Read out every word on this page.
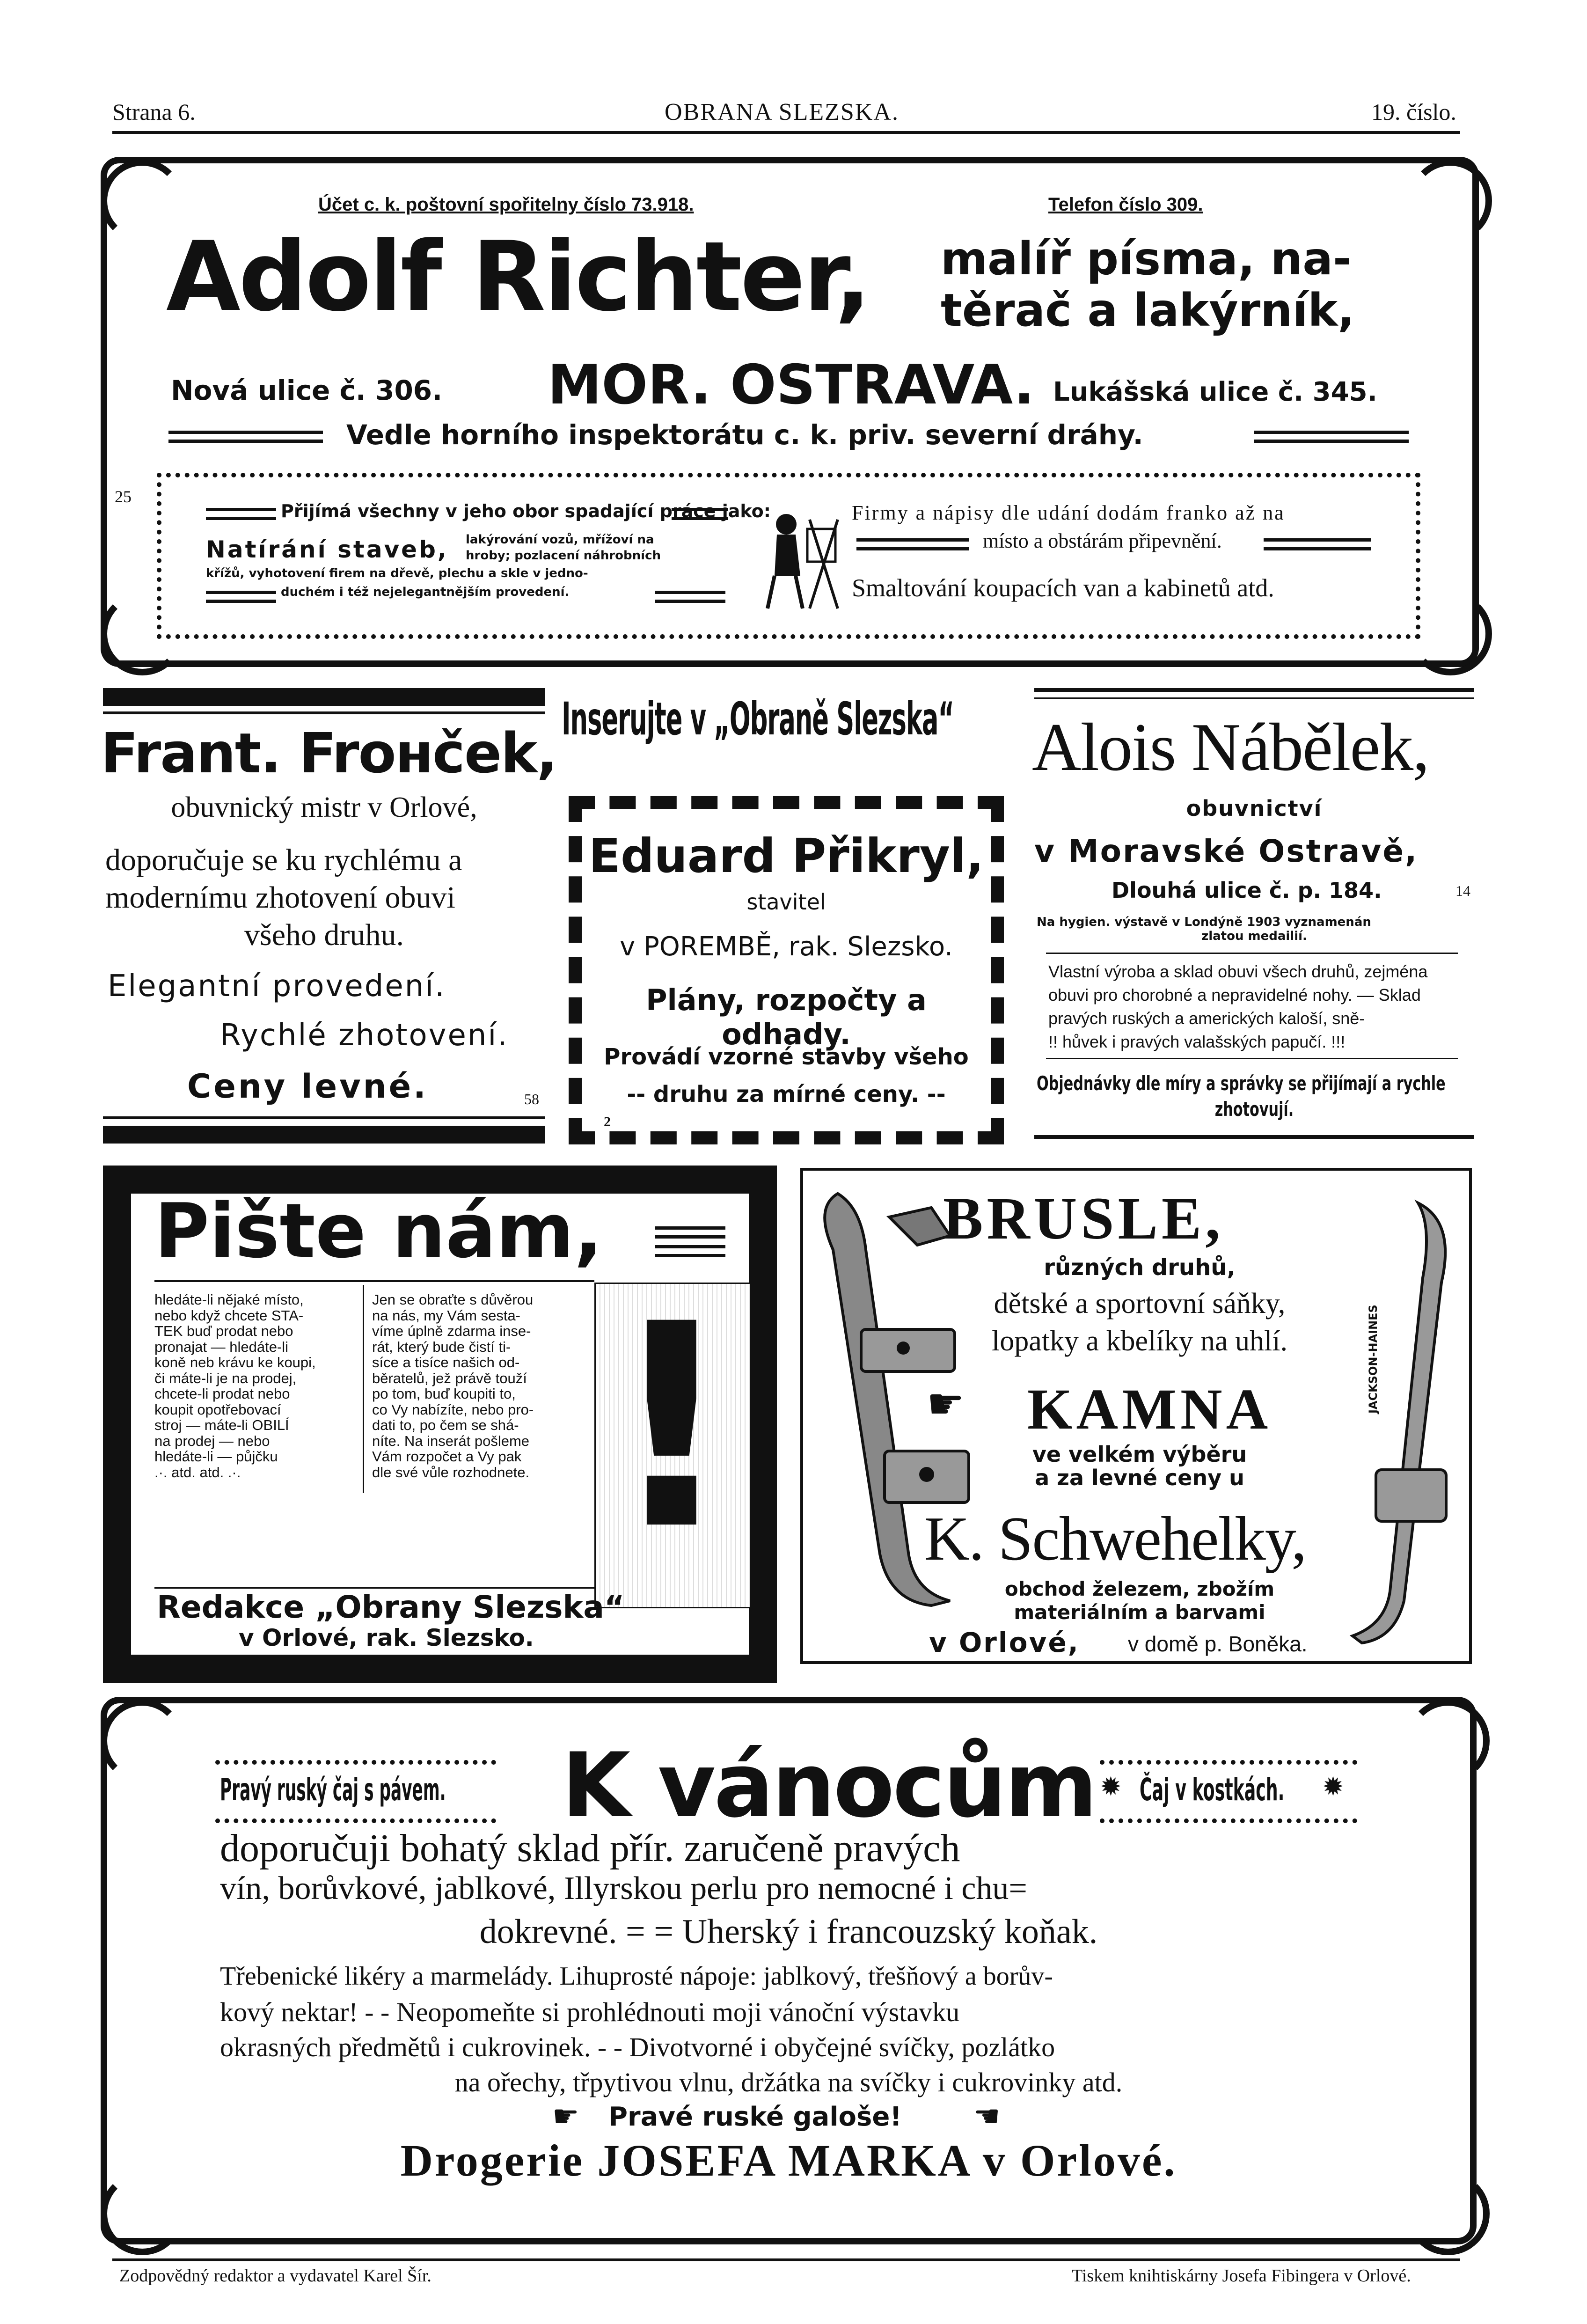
Strana 6.	OBRANA SLEZSKA.	19. číslo.
Účet c. k. poštovní spořitelny číslo 73.918.	Telefon číslo 309.
Adolf Richter, malíř písma, na-
těrač a lakýrník,
Nová ulice č. 306. MOR. OSTRAVA. Lukášská ulice č. 345.
Vedle horního inspektorátu c. k. priv. severní dráhy.
Přijímá všechny v jeho obor spadající práce jako:
Natírání staveb, lakýrování vozů, mřížoví na
hroby; pozlacení náhrobních
křížů, vyhotovení firem na dřevě, plechu a skle v jedno-
duchém i též nejelegantnějším provedení.
Firmy a nápisy dle udání dodám franko až na
místo a obstárám připevnění.
Smaltování koupacích van a kabinetů atd.
25
Frant. Frонček,
obuvnický mistr v Orlové,
doporučuje se ku rychlému a
modernímu zhotovení obuvi
všeho druhu.
Elegantní provedení.
Rychlé zhotovení.
Ceny levné.	58
Inserujte v „Obraně Slezska“
Eduard Přikryl,
stavitel
v POREMBĚ, rak. Slezsko.
Plány, rozpočty a odhady.
Provádí vzorné stavby všeho
-- druhu za mírné ceny. --
2
Alois Nábělek,
obuvnictví
v Moravské Ostravě,
Dlouhá ulice č. p. 184.	14
Na hygien. výstavě v Londýně 1903 vyznamenán
zlatou medailií.
Vlastní výroba a sklad obuvi všech druhů, zejména
obuvi pro chorobné a nepravidelné nohy. — Sklad
pravých ruských a amerických kaloší, sně-
!! hůvek i pravých valašských papučí. !!!
Objednávky dle míry a správky se přijímají a rychle
zhotovují.
Pište nám,
hledáte-li nějaké místo,
nebo když chcete STA-
TEK buď prodat nebo
pronajat — hledáte-li
koně neb krávu ke koupi,
či máte-li je na prodej,
chcete-li prodat nebo
koupit opotřebovací
stroj — máte-li OBILÍ
na prodej — nebo
hledáte-li — půjčku
.·. atd. atd. .·.
Jen se obraťte s důvěrou
na nás, my Vám sesta-
víme úplně zdarma inse-
rát, který bude čistí ti-
síce a tisíce našich od-
běratelů, jež právě touží
po tom, buď koupiti to,
co Vy nabízíte, nebo pro-
dati to, po čem se shá-
níte. Na inserát pošleme
Vám rozpočet a Vy pak
dle své vůle rozhodnete. !
Redakce „Obrany Slezska“
v Orlové, rak. Slezsko.
JACKSON-HAINES
BRUSLE,
různých druhů,
dětské a sportovní sáňky,
lopatky a kbelíky na uhlí.
☛ KAMNA
ve velkém výběru
a za levné ceny u
K. Schwehelky,
obchod železem, zbožím
materiálním a barvami
v Orlové, v domě p. Boněka.
Pravý ruský čaj s pávem. K vánocům ✹ Čaj v kostkách. ✹
doporučuji bohatý sklad přír. zaručeně pravých
vín, borůvkové, jablkové, Illyrskou perlu pro nemocné i chu=
dokrevné. = = Uherský i francouzský koňak.
Třebenické likéry a marmelády. Lihuprosté nápoje: jablkový, třešňový a borův-
kový nektar! - - Neopomeňte si prohlédnouti moji vánoční výstavku
okrasných předmětů i cukrovinek. - - Divotvorné i obyčejné svíčky, pozlátko
na ořechy, třpytivou vlnu, držátka na svíčky i cukrovinky atd.
☛ Pravé ruské galoše! ☛
Drogerie JOSEFA MARKA v Orlové.
Zodpovědný redaktor a vydavatel Karel Šír.	Tiskem knihtiskárny Josefa Fibingera v Orlové.
